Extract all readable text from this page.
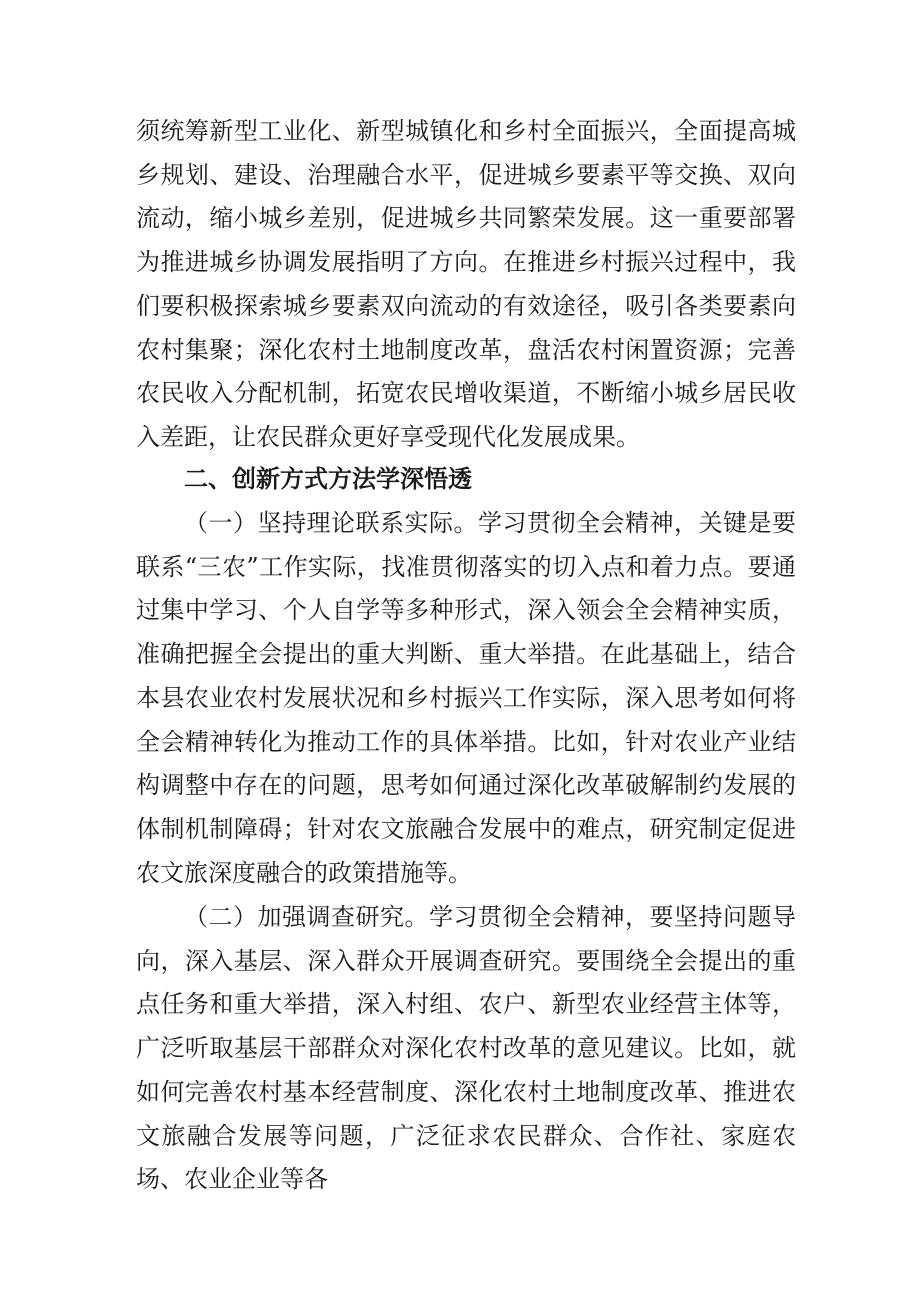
须统筹新型工业化、新型城镇化和乡村全面振兴，全面提高城乡规划、建设、治理融合水平，促进城乡要素平等交换、双向流动，缩小城乡差别，促进城乡共同繁荣发展。这一重要部署为推进城乡协调发展指明了方向。在推进乡村振兴过程中，我们要积极探索城乡要素双向流动的有效途径，吸引各类要素向农村集聚；深化农村土地制度改革，盘活农村闲置资源；完善农民收入分配机制，拓宽农民增收渠道，不断缩小城乡居民收入差距，让农民群众更好享受现代化发展成果。

二、创新方式方法学深悟透

（一）坚持理论联系实际。学习贯彻全会精神，关键是要联系“三农”工作实际，找准贯彻落实的切入点和着力点。要通过集中学习、个人自学等多种形式，深入领会全会精神实质，准确把握全会提出的重大判断、重大举措。在此基础上，结合本县农业农村发展状况和乡村振兴工作实际，深入思考如何将全会精神转化为推动工作的具体举措。比如，针对农业产业结构调整中存在的问题，思考如何通过深化改革破解制约发展的体制机制障碍；针对农文旅融合发展中的难点，研究制定促进农文旅深度融合的政策措施等。

（二）加强调查研究。学习贯彻全会精神，要坚持问题导向，深入基层、深入群众开展调查研究。要围绕全会提出的重点任务和重大举措，深入村组、农户、新型农业经营主体等，广泛听取基层干部群众对深化农村改革的意见建议。比如，就如何完善农村基本经营制度、深化农村土地制度改革、推进农文旅融合发展等问题，广泛征求农民群众、合作社、家庭农场、农业企业等各
